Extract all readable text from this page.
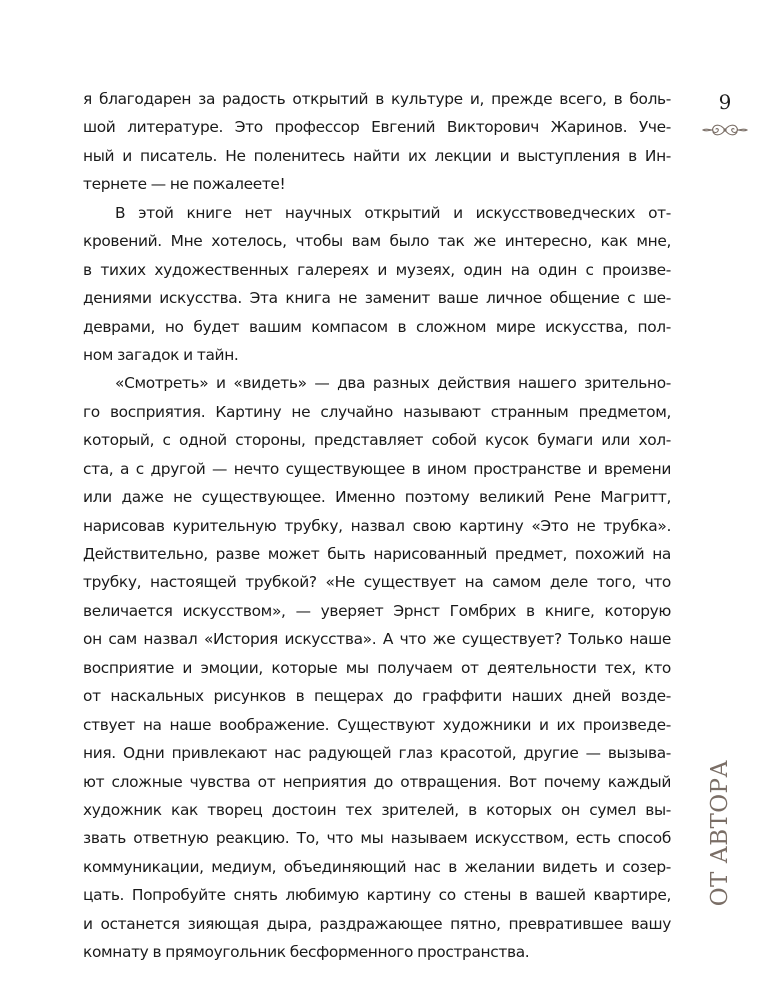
я благодарен за радость открытий в культуре и, прежде всего, в боль-
шой литературе. Это профессор Евгений Викторович Жаринов. Уче-
ный и писатель. Не поленитесь найти их лекции и выступления в Ин-
тернете — не пожалеете!
В этой книге нет научных открытий и искусствоведческих от-
кровений. Мне хотелось, чтобы вам было так же интересно, как мне,
в тихих художественных галереях и музеях, один на один с произве-
дениями искусства. Эта книга не заменит ваше личное общение с ше-
деврами, но будет вашим компасом в сложном мире искусства, пол-
ном загадок и тайн.
«Смотреть» и «видеть» — два разных действия нашего зрительно-
го восприятия. Картину не случайно называют странным предметом,
который, с одной стороны, представляет собой кусок бумаги или хол-
ста, а с другой — нечто существующее в ином пространстве и времени
или даже не существующее. Именно поэтому великий Рене Магритт,
нарисовав курительную трубку, назвал свою картину «Это не трубка».
Действительно, разве может быть нарисованный предмет, похожий на
трубку, настоящей трубкой? «Не существует на самом деле того, что
величается искусством», — уверяет Эрнст Гомбрих в книге, которую
он сам назвал «История искусства». А что же существует? Только наше
восприятие и эмоции, которые мы получаем от деятельности тех, кто
от наскальных рисунков в пещерах до граффити наших дней возде-
ствует на наше воображение. Существуют художники и их произведе-
ния. Одни привлекают нас радующей глаз красотой, другие — вызыва-
ют сложные чувства от неприятия до отвращения. Вот почему каждый
художник как творец достоин тех зрителей, в которых он сумел вы-
звать ответную реакцию. То, что мы называем искусством, есть способ
коммуникации, медиум, объединяющий нас в желании видеть и созер-
цать. Попробуйте снять любимую картину со стены в вашей квартире,
и останется зияющая дыра, раздражающее пятно, превратившее вашу
комнату в прямоугольник бесформенного пространства.
9
ОТ АВТОРА
